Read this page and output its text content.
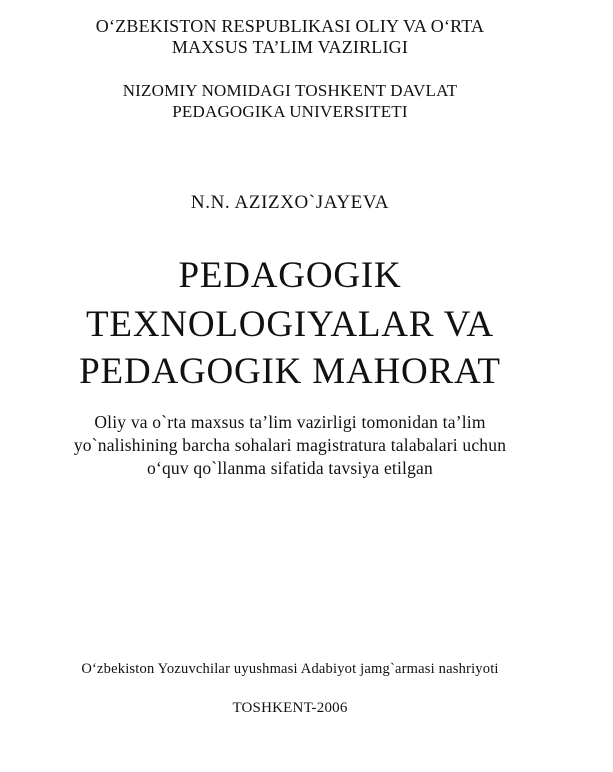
O‘ZBEKISTON RESPUBLIKASI OLIY VA O‘RTA
MAXSUS TA’LIM VAZIRLIGI
NIZOMIY NOMIDAGI TOSHKENT DAVLAT
PEDAGOGIKA UNIVERSITETI
N.N. AZIZXO`JAYEVA
PEDAGOGIK
TEXNOLOGIYALAR VA
PEDAGOGIK MAHORAT
Oliy va o`rta maxsus ta’lim vazirligi tomonidan ta’lim
yo`nalishining barcha sohalari magistratura talabalari uchun
o‘quv qo`llanma sifatida tavsiya etilgan
O‘zbekiston Yozuvchilar uyushmasi Adabiyot jamg`armasi nashriyoti
TOSHKENT-2006
